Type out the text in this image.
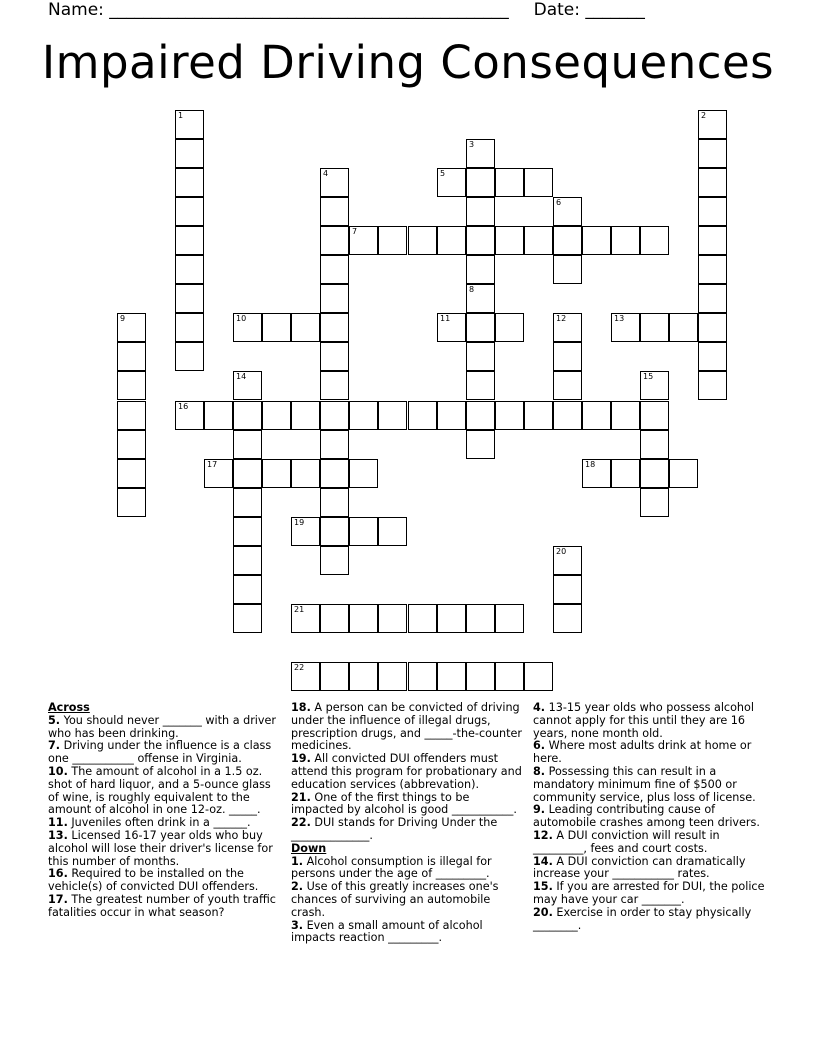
Name: _______________________________________________ Date: _______
Impaired Driving Consequences
1	2
3
8
4	5
6
7
9	10	11	12	13
14	15
16
17	18
19
20
21
22
Across
5. You should never _______ with a driver who has been drinking.
7. Driving under the influence is a class one ___________ offense in Virginia.
10. The amount of alcohol in a 1.5 oz. shot of hard liquor, and a 5-ounce glass of wine, is roughly equivalent to the amount of alcohol in one 12-oz. _____.
11. Juveniles often drink in a ______.
13. Licensed 16-17 year olds who buy alcohol will lose their driver's license for this number of months.
16. Required to be installed on the vehicle(s) of convicted DUI offenders.
17. The greatest number of youth traffic fatalities occur in what season?
18. A person can be convicted of driving under the influence of illegal drugs, prescription drugs, and _____-the-counter medicines.
19. All convicted DUI offenders must attend this program for probationary and education services (abbrevation).
21. One of the first things to be impacted by alcohol is good ___________.
22. DUI stands for Driving Under the ______________.
Down
1. Alcohol consumption is illegal for persons under the age of _________.
2. Use of this greatly increases one's chances of surviving an automobile crash.
3. Even a small amount of alcohol impacts reaction _________.
4. 13-15 year olds who possess alcohol cannot apply for this until they are 16 years, none month old.
6. Where most adults drink at home or here.
8. Possessing this can result in a mandatory minimum fine of $500 or community service, plus loss of license.
9. Leading contributing cause of automobile crashes among teen drivers.
12. A DUI conviction will result in _________, fees and court costs.
14. A DUI conviction can dramatically increase your ___________ rates.
15. If you are arrested for DUI, the police may have your car _______.
20. Exercise in order to stay physically ________.
